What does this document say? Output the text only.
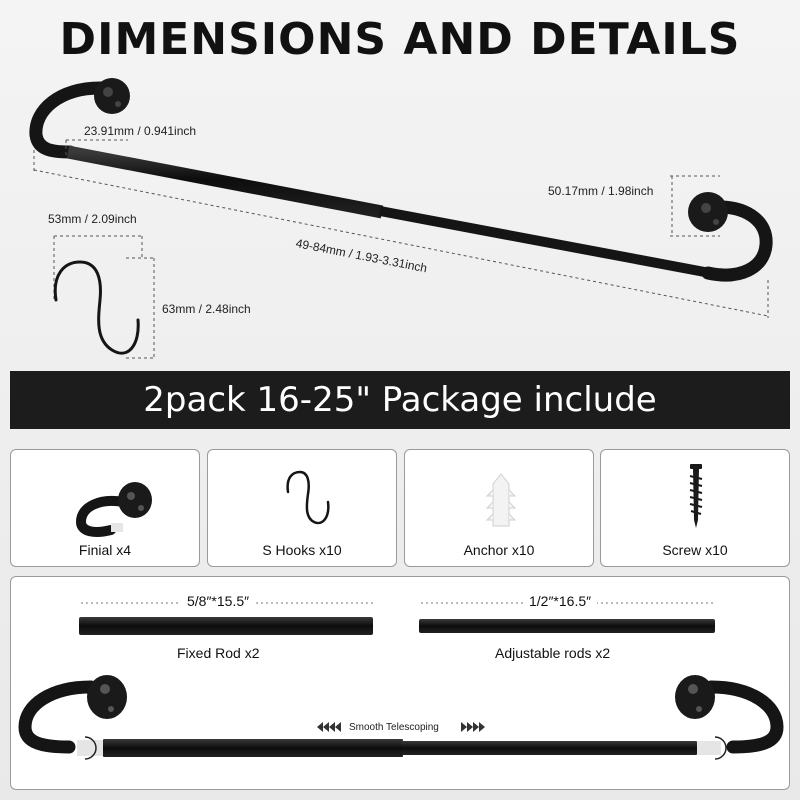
DIMENSIONS AND DETAILS
23.91mm / 0.941inch
50.17mm / 1.98inch
49-84mm / 1.93-3.31inch
53mm / 2.09inch
63mm / 2.48inch
2pack 16-25" Package include
Finial x4	S Hooks x10	Anchor x10	Screw x10
5/8″*15.5″	1/2″*16.5″
Fixed Rod x2	Adjustable rods x2
Smooth Telescoping
